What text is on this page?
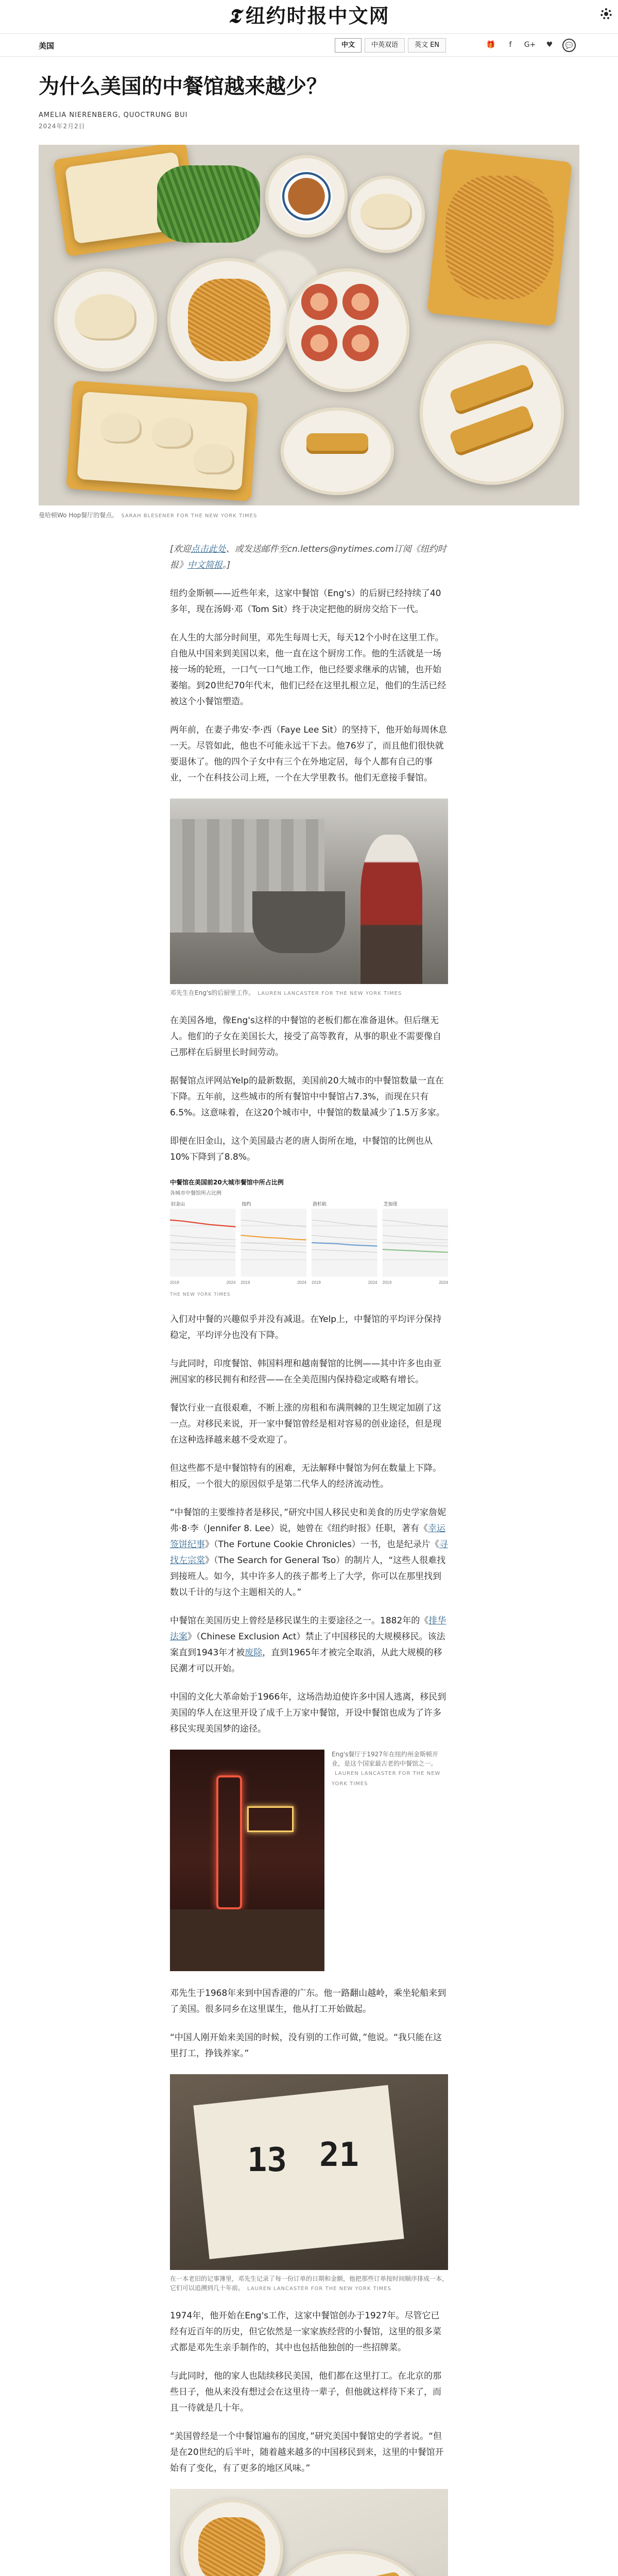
𝕿 纽约时报中文网
美国	中文	中英双语	英文 EN	🎁	f	G+	♥	💬
为什么美国的中餐馆越来越少？
AMELIA NIERENBERG, QUOCTRUNG BUI
2024年2月2日
曼哈顿Wo Hop餐厅的餐点。 SARAH BLESENER FOR THE NEW YORK TIMES

[欢迎点击此处、或发送邮件至cn.letters@nytimes.com订阅《纽约时报》中文简报。]

纽约金斯顿——近些年来，这家中餐馆（Eng's）的后厨已经持续了40多年，现在汤姆·邓（Tom Sit）终于决定把他的厨房交给下一代。

在人生的大部分时间里，邓先生每周七天，每天12个小时在这里工作。自他从中国来到美国以来，他一直在这个厨房工作。他的生活就是一场接一场的轮班，一口气一口气地工作，他已经要求继承的店铺，也开始萎缩。到20世纪70年代末，他们已经在这里扎根立足，他们的生活已经被这个小餐馆塑造。

两年前，在妻子弗安·李·西（Faye Lee Sit）的坚持下，他开始每周休息一天。尽管如此，他也不可能永远干下去。他76岁了，而且他们很快就要退休了。他的四个子女中有三个在外地定居，每个人都有自己的事业，一个在科技公司上班，一个在大学里教书。他们无意接手餐馆。

邓先生在Eng's的后厨里工作。 LAUREN LANCASTER FOR THE NEW YORK TIMES

在美国各地，像Eng's这样的中餐馆的老板们都在准备退休。但后继无人。他们的子女在美国长大，接受了高等教育，从事的职业不需要像自己那样在后厨里长时间劳动。

据餐馆点评网站Yelp的最新数据，美国前20大城市的中餐馆数量一直在下降。五年前，这些城市的所有餐馆中中餐馆占7.3%，而现在只有6.5%。这意味着，在这20个城市中，中餐馆的数量减少了1.5万多家。

即便在旧金山，这个美国最古老的唐人街所在地，中餐馆的比例也从10%下降到了8.8%。

中餐馆在美国前20大城市餐馆中所占比例
各城市中餐馆所占比例
旧金山
2019	2024
纽约
2019	2024
洛杉矶
2019	2024
芝加哥
2019	2024
THE NEW YORK TIMES

入们对中餐的兴趣似乎并没有减退。在Yelp上，中餐馆的平均评分保持稳定，平均评分也没有下降。

与此同时，印度餐馆、韩国料理和越南餐馆的比例——其中许多也由亚洲国家的移民拥有和经营——在全美范围内保持稳定或略有增长。

餐饮行业一直很艰难，不断上涨的房租和布满荆棘的卫生规定加剧了这一点。对移民来说，开一家中餐馆曾经是相对容易的创业途径，但是现在这种选择越来越不受欢迎了。

但这些都不是中餐馆特有的困难，无法解释中餐馆为何在数量上下降。相反，一个很大的原因似乎是第二代华人的经济流动性。

“中餐馆的主要维持者是移民，”研究中国人移民史和美食的历史学家詹妮弗·8·李（Jennifer 8. Lee）说，她曾在《纽约时报》任职，著有《幸运签饼纪事》（The Fortune Cookie Chronicles）一书，也是纪录片《寻找左宗棠》（The Search for General Tso）的制片人，“这些人很难找到接班人。如今，其中许多人的孩子都考上了大学，你可以在那里找到数以千计的与这个主题相关的人。”

中餐馆在美国历史上曾经是移民谋生的主要途径之一。1882年的《排华法案》（Chinese Exclusion Act）禁止了中国移民的大规模移民。该法案直到1943年才被废除，直到1965年才被完全取消，从此大规模的移民潮才可以开始。

中国的文化大革命始于1966年，这场浩劫迫使许多中国人逃离，移民到美国的华人在这里开设了成千上万家中餐馆，开设中餐馆也成为了许多移民实现美国梦的途径。

Eng's餐厅于1927年在纽约州金斯顿开业，是这个国家最古老的中餐馆之一。
LAUREN LANCASTER FOR THE NEW YORK TIMES

邓先生于1968年来到中国香港的广东。他一路翻山越岭，乘坐轮船来到了美国。很多同乡在这里谋生，他从打工开始做起。

“中国人刚开始来美国的时候，没有别的工作可做，”他说。“我只能在这里打工，挣钱养家。”

13 21
在一本老旧的记事簿里，邓先生记录了每一份订单的日期和金额，他把那些订单按时间顺序排成一本，它们可以追溯到几十年前。 LAUREN LANCASTER FOR THE NEW YORK TIMES

1974年，他开始在Eng's工作，这家中餐馆创办于1927年。尽管它已经有近百年的历史，但它依然是一家家族经营的小餐馆，这里的很多菜式都是邓先生亲手制作的，其中也包括他独创的一些招牌菜。

与此同时，他的家人也陆续移民美国，他们都在这里打工。在北京的那些日子，他从来没有想过会在这里待一辈子，但他就这样待下来了，而且一待就是几十年。

“美国曾经是一个中餐馆遍布的国度，”研究美国中餐馆史的学者说。“但是在20世纪的后半叶，随着越来越多的中国移民到来，这里的中餐馆开始有了变化，有了更多的地区风味。”
